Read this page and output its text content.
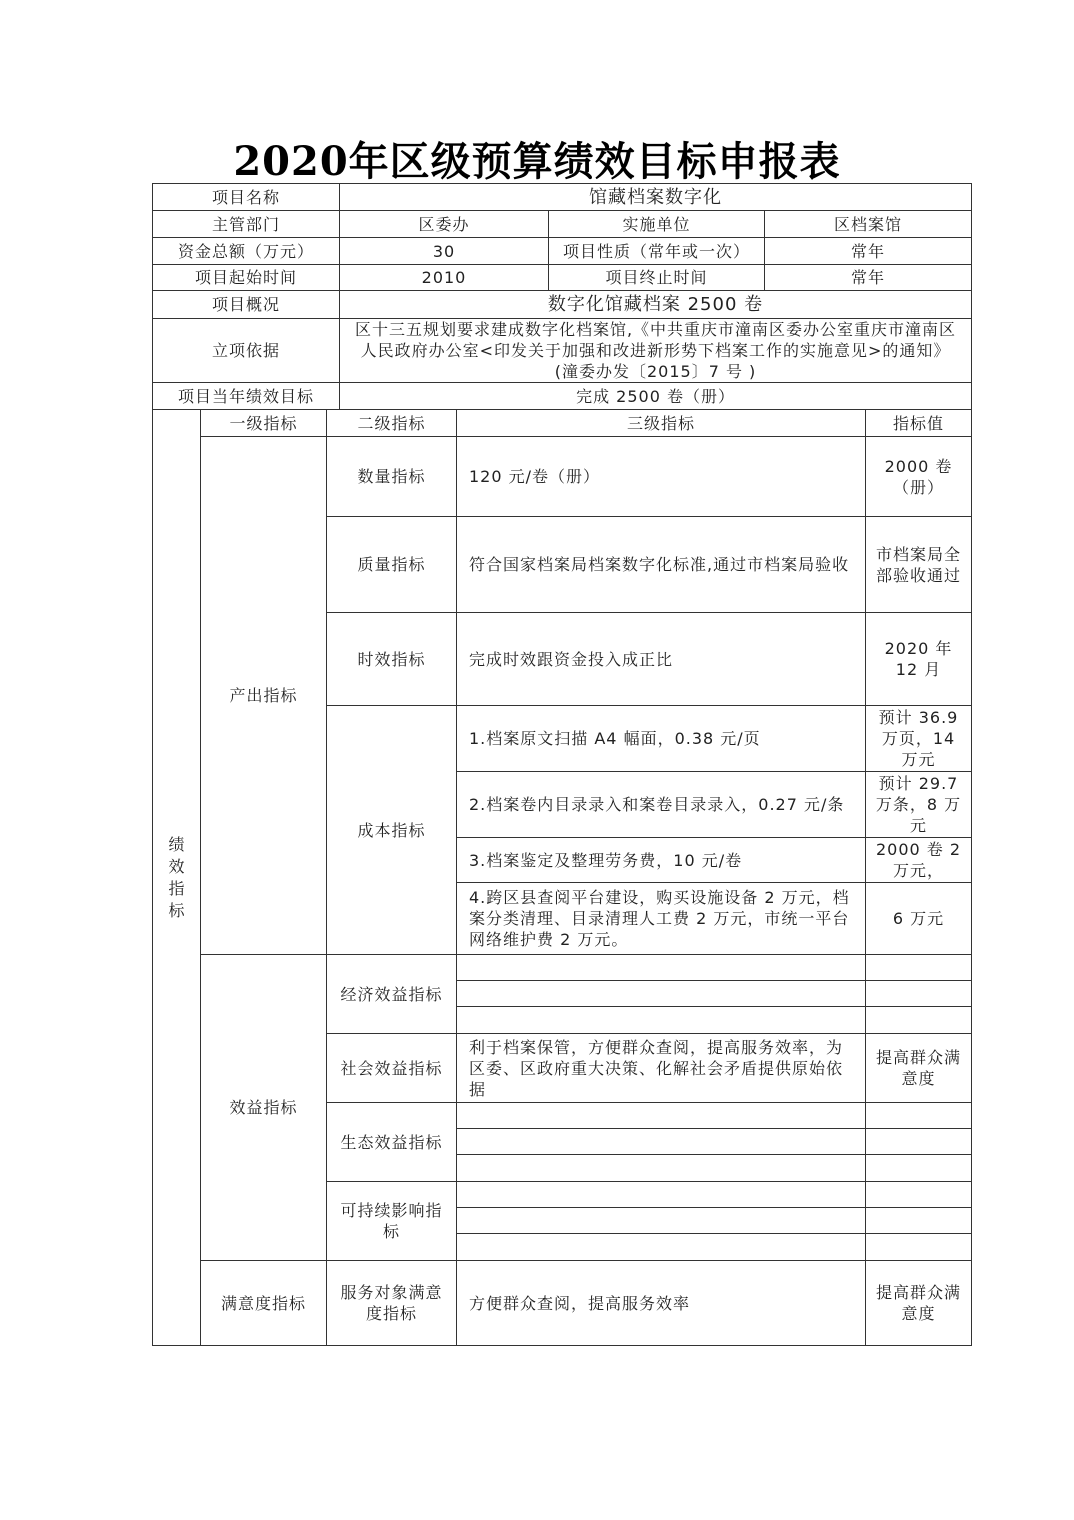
2020年区级预算绩效目标申报表
项目名称	馆藏档案数字化		
主管部门	区委办	实施单位	区档案馆
资金总额（万元）	30	项目性质（常年或一次）	常年
项目起始时间	2010	项目终止时间	常年
项目概况	数字化馆藏档案 2500 卷		
立项依据	区十三五规划要求建成数字化档案馆,《中共重庆市潼南区委办公室重庆市潼南区人民政府办公室<印发关于加强和改进新形势下档案工作的实施意见>的通知》(潼委办发〔2015〕7 号 )		
项目当年绩效目标	完成 2500 卷（册）		
绩效指标	一级指标	二级指标	三级指标	指标值
	产出指标	数量指标	120 元/卷（册）	2000 卷（册）
		质量指标	符合国家档案局档案数字化标准,通过市档案局验收	市档案局全部验收通过
		时效指标	完成时效跟资金投入成正比	2020 年 12 月
		成本指标	1.档案原文扫描 A4 幅面，0.38 元/页	预计 36.9 万页，14 万元
			2.档案卷内目录录入和案卷目录录入，0.27 元/条	预计 29.7 万条，8 万元
			3.档案鉴定及整理劳务费，10 元/卷	2000 卷 2 万元，
			4.跨区县查阅平台建设，购买设施设备 2 万元，档案分类清理、目录清理人工费 2 万元，市统一平台网络维护费 2 万元。	6 万元
	效益指标	经济效益指标		

		社会效益指标	利于档案保管，方便群众查阅，提高服务效率，为区委、区政府重大决策、化解社会矛盾提供原始依据	提高群众满意度
		生态效益指标		

		可持续影响指标		

	满意度指标	服务对象满意度指标	方便群众查阅，提高服务效率	提高群众满意度
